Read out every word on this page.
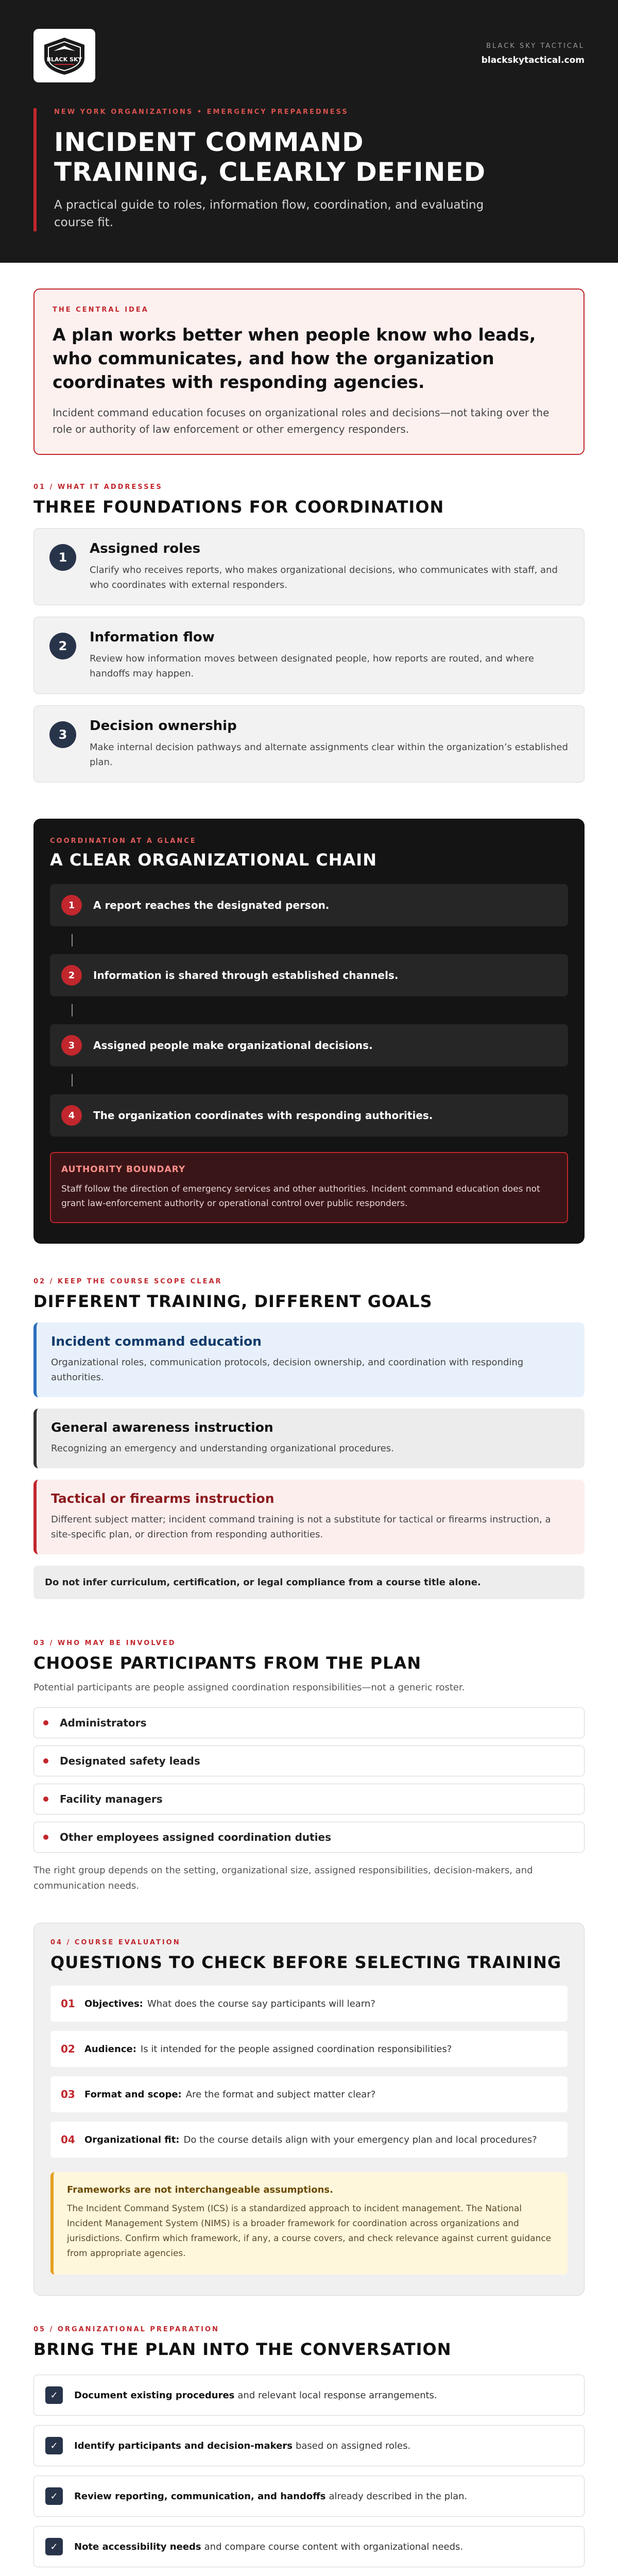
BLACK SKY
BLACK SKY TACTICAL
blackskytactical.com
NEW YORK ORGANIZATIONS • EMERGENCY PREPAREDNESS
INCIDENT COMMAND
TRAINING, CLEARLY DEFINED

A practical guide to roles, information flow, coordination, and evaluating course fit.

THE CENTRAL IDEA
A plan works better when people know who leads, who communicates, and how the organization coordinates with responding agencies.

Incident command education focuses on organizational roles and decisions—not taking over the role or authority of law enforcement or other emergency responders.

01 / WHAT IT ADDRESSES
THREE FOUNDATIONS FOR COORDINATION
1
Assigned roles
Clarify who receives reports, who makes organizational decisions, who communicates with staff, and who coordinates with external responders.
2
Information flow
Review how information moves between designated people, how reports are routed, and where handoffs may happen.
3
Decision ownership
Make internal decision pathways and alternate assignments clear within the organization’s established plan.
COORDINATION AT A GLANCE
A CLEAR ORGANIZATIONAL CHAIN
1	A report reaches the designated person.
2	Information is shared through established channels.
3	Assigned people make organizational decisions.
4	The organization coordinates with responding authorities.
AUTHORITY BOUNDARY
Staff follow the direction of emergency services and other authorities. Incident command education does not grant law-enforcement authority or operational control over public responders.
02 / KEEP THE COURSE SCOPE CLEAR
DIFFERENT TRAINING, DIFFERENT GOALS
Incident command education
Organizational roles, communication protocols, decision ownership, and coordination with responding authorities.
General awareness instruction
Recognizing an emergency and understanding organizational procedures.
Tactical or firearms instruction
Different subject matter; incident command training is not a substitute for tactical or firearms instruction, a site-specific plan, or direction from responding authorities.
Do not infer curriculum, certification, or legal compliance from a course title alone.
03 / WHO MAY BE INVOLVED
CHOOSE PARTICIPANTS FROM THE PLAN

Potential participants are people assigned coordination responsibilities—not a generic roster.

Administrators
Designated safety leads
Facility managers
Other employees assigned coordination duties

The right group depends on the setting, organizational size, assigned responsibilities, decision-makers, and communication needs.

04 / COURSE EVALUATION
QUESTIONS TO CHECK BEFORE SELECTING TRAINING
01	Objectives: What does the course say participants will learn?
02	Audience: Is it intended for the people assigned coordination responsibilities?
03	Format and scope: Are the format and subject matter clear?
04	Organizational fit: Do the course details align with your emergency plan and local procedures?
Frameworks are not interchangeable assumptions.
The Incident Command System (ICS) is a standardized approach to incident management. The National Incident Management System (NIMS) is a broader framework for coordination across organizations and jurisdictions. Confirm which framework, if any, a course covers, and check relevance against current guidance from appropriate agencies.
05 / ORGANIZATIONAL PREPARATION
BRING THE PLAN INTO THE CONVERSATION
✓	Document existing procedures and relevant local response arrangements.
✓	Identify participants and decision-makers based on assigned roles.
✓	Review reporting, communication, and handoffs already described in the plan.
✓	Note accessibility needs and compare course content with organizational needs.
